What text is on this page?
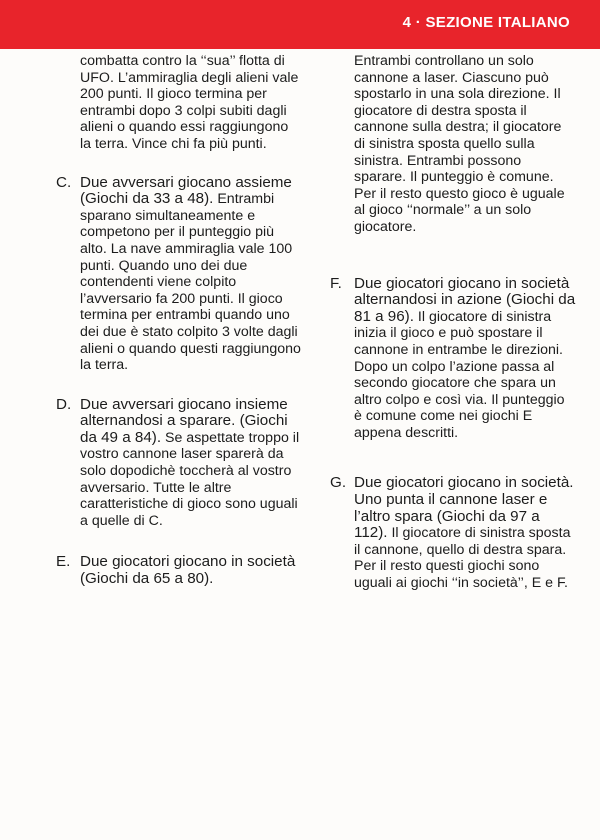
4 · SEZIONE ITALIANO

combatta contro la ‘‘sua’’ flotta di UFO. L’ammiraglia degli alieni vale 200 punti. Il gioco termina per entrambi dopo 3 colpi subiti dagli alieni o quando essi raggiungono la terra. Vince chi fa più punti.

C. Due avversari giocano assieme (Giochi da 33 a 48). Entrambi sparano simultaneamente e competono per il punteggio più alto. La nave ammiraglia vale 100 punti. Quando uno dei due contendenti viene colpito l’avversario fa 200 punti. Il gioco termina per entrambi quando uno dei due è stato colpito 3 volte dagli alieni o quando questi raggiungono la terra.

D. Due avversari giocano insieme alternandosi a sparare. (Giochi da 49 a 84). Se aspettate troppo il vostro cannone laser sparerà da solo dopodichè toccherà al vostro avversario. Tutte le altre caratteristiche di gioco sono uguali a quelle di C.

E. Due giocatori giocano in società (Giochi da 65 a 80).

Entrambi controllano un solo cannone a laser. Ciascuno può spostarlo in una sola direzione. Il giocatore di destra sposta il cannone sulla destra; il giocatore di sinistra sposta quello sulla sinistra. Entrambi possono sparare. Il punteggio è comune. Per il resto questo gioco è uguale al gioco ‘‘normale’’ a un solo giocatore.

F. Due giocatori giocano in società alternandosi in azione (Giochi da 81 a 96). Il giocatore di sinistra inizia il gioco e può spostare il cannone in entrambe le direzioni. Dopo un colpo l’azione passa al secondo giocatore che spara un altro colpo e così via. Il punteggio è comune come nei giochi E appena descritti.

G. Due giocatori giocano in società. Uno punta il cannone laser e l’altro spara (Giochi da 97 a 112). Il giocatore di sinistra sposta il cannone, quello di destra spara. Per il resto questi giochi sono uguali ai giochi ‘‘in società’’, E e F.
